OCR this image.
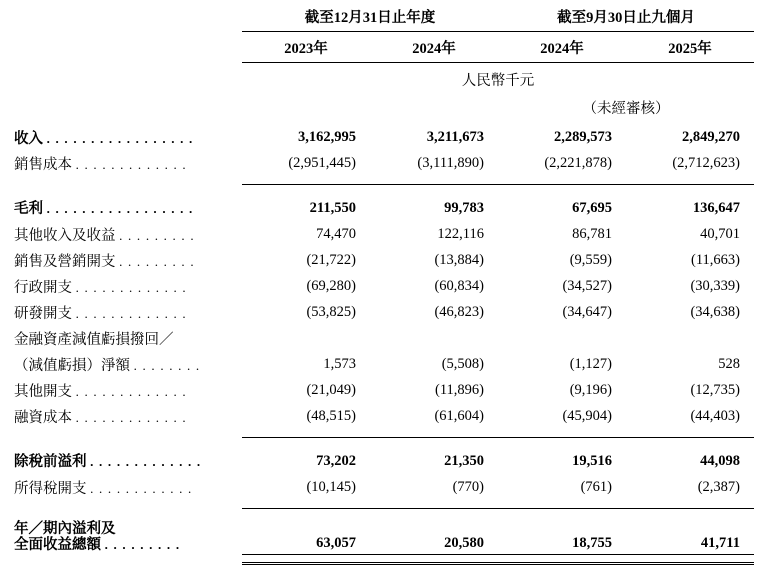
	截至12月31日止年度		截至9月30日止九個月	
	2023年	2024年	2024年	2025年
	人民幣千元			
			（未經審核）	
收入 . . . . . . . . . . . . . . . . .	3,162,995	3,211,673	2,289,573	2,849,270
銷售成本 . . . . . . . . . . . . .	(2,951,445)	(3,111,890)	(2,221,878)	(2,712,623)

毛利 . . . . . . . . . . . . . . . . .	211,550	99,783	67,695	136,647
其他收入及收益 . . . . . . . . .	74,470	122,116	86,781	40,701
銷售及營銷開支 . . . . . . . . .	(21,722)	(13,884)	(9,559)	(11,663)
行政開支 . . . . . . . . . . . . .	(69,280)	(60,834)	(34,527)	(30,339)
研發開支 . . . . . . . . . . . . .	(53,825)	(46,823)	(34,647)	(34,638)
金融資產減值虧損撥回／				
（減值虧損）淨額 . . . . . . . .	1,573	(5,508)	(1,127)	528
其他開支 . . . . . . . . . . . . .	(21,049)	(11,896)	(9,196)	(12,735)
融資成本 . . . . . . . . . . . . .	(48,515)	(61,604)	(45,904)	(44,403)

除稅前溢利 . . . . . . . . . . . . .	73,202	21,350	19,516	44,098
所得稅開支 . . . . . . . . . . . .	(10,145)	(770)	(761)	(2,387)

年／期內溢利及
全面收益總額 . . . . . . . . .	63,057	20,580	18,755	41,711
